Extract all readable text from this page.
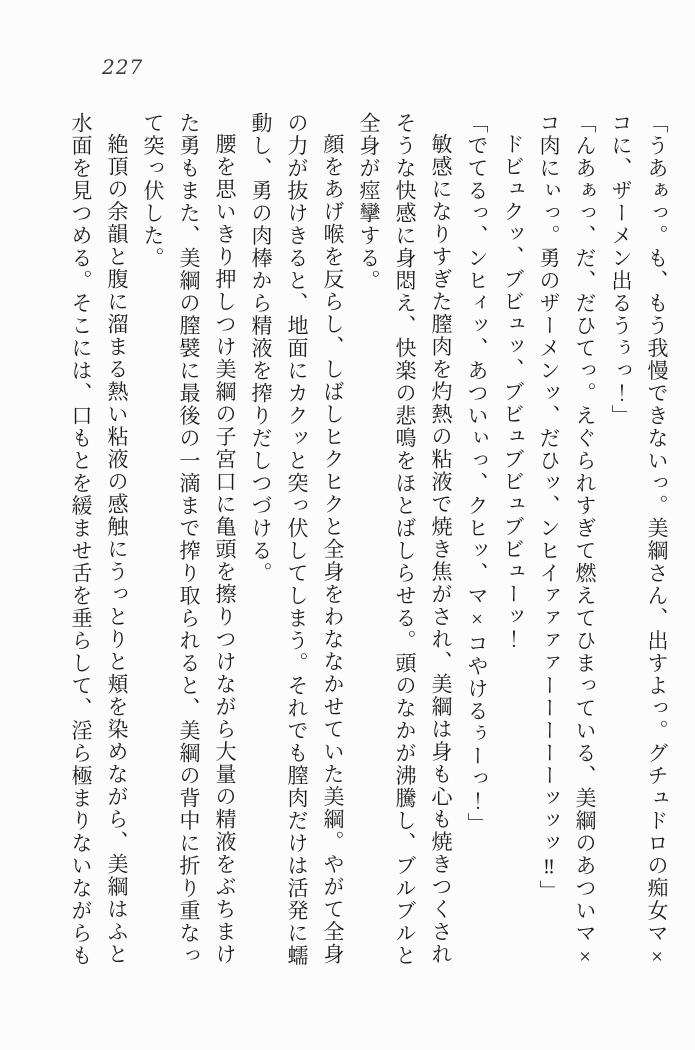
227
「うあぁっ。も、もう我慢できないっ。美綱さん、出すよっ。グチュドロの痴女マ×
コに、ザーメン出るうぅっ！」
「んあぁっ、だ、だひてっ。えぐられすぎて燃えてひまっている、美綱のあついマ×
コ肉にぃっ。勇のザーメンッ、だひッ、ンヒイァァァァーーーーーッッッ‼」
ドビュクッ、ブビュッ、ブビュブビュブビューッ！
「でてるっ、ンヒィッ、あついぃっ、クヒッ、マ×コやけるぅーっ！」
敏感になりすぎた膣肉を灼熱の粘液で焼き焦がされ、美綱は身も心も焼きつくされ
そうな快感に身悶え、快楽の悲鳴をほとばしらせる。頭のなかが沸騰し、ブルブルと
全身が痙攣する。
顔をあげ喉を反らし、しばしヒクヒクと全身をわななかせていた美綱。やがて全身
の力が抜けきると、地面にカクッと突っ伏してしまう。それでも膣肉だけは活発に蠕
動し、勇の肉棒から精液を搾りだしつづける。
腰を思いきり押しつけ美綱の子宮口に亀頭を擦りつけながら大量の精液をぶちまけ
た勇もまた、美綱の膣襞に最後の一滴まで搾り取られると、美綱の背中に折り重なっ
て突っ伏した。
絶頂の余韻と腹に溜まる熱い粘液の感触にうっとりと頬を染めながら、美綱はふと
水面を見つめる。そこには、口もとを緩ませ舌を垂らして、淫ら極まりないながらも
